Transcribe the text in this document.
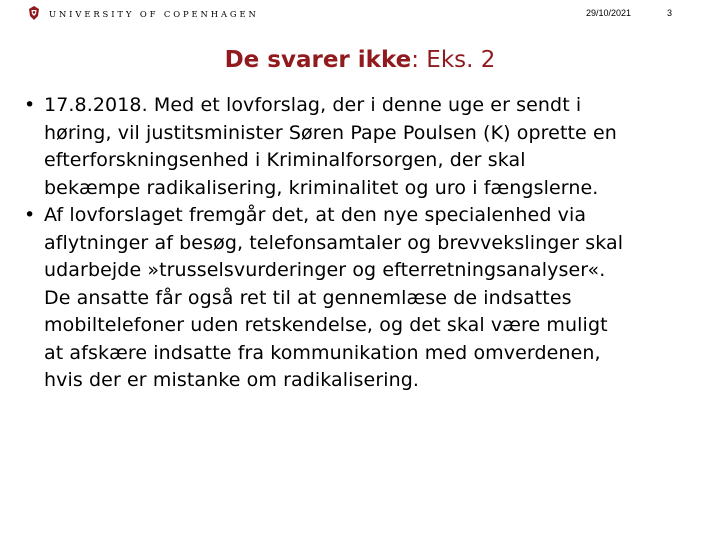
UNIVERSITY OF COPENHAGEN	29/10/2021	3
De svarer ikke: Eks. 2
• 17.8.2018. Med et lovforslag, der i denne uge er sendt i
høring, vil justitsminister Søren Pape Poulsen (K) oprette en
efterforskningsenhed i Kriminalforsorgen, der skal
bekæmpe radikalisering, kriminalitet og uro i fængslerne.
• Af lovforslaget fremgår det, at den nye specialenhed via
aflytninger af besøg, telefonsamtaler og brevvekslinger skal
udarbejde »trusselsvurderinger og efterretningsanalyser«.
De ansatte får også ret til at gennemlæse de indsattes
mobiltelefoner uden retskendelse, og det skal være muligt
at afskære indsatte fra kommunikation med omverdenen,
hvis der er mistanke om radikalisering.
